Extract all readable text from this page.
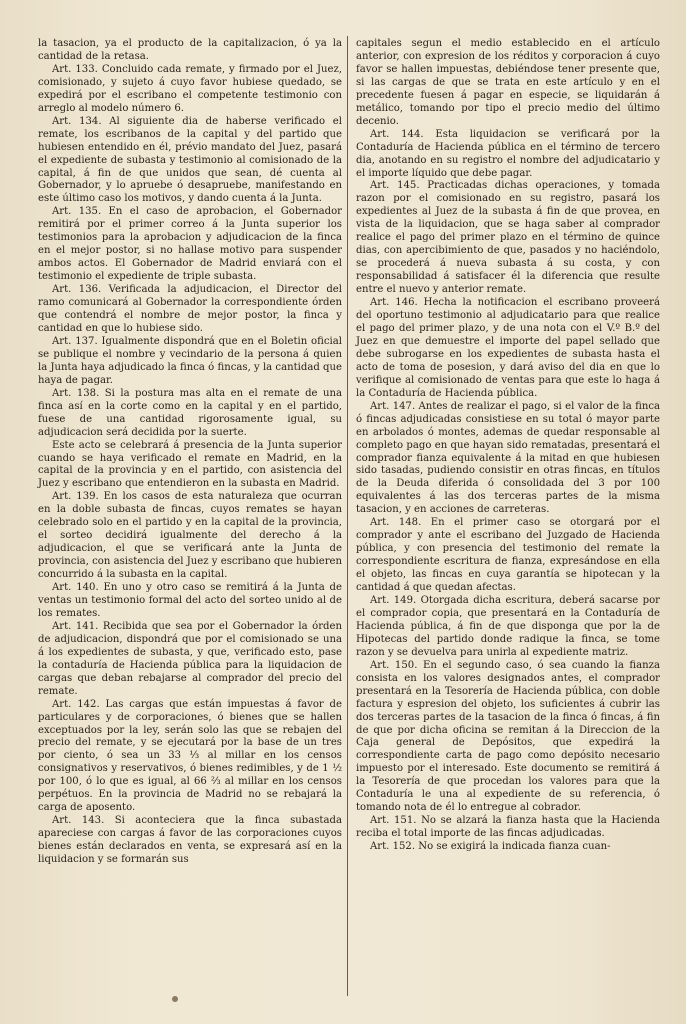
la tasacion, ya el producto de la capitalizacion, ó ya la cantidad de la retasa.

Art. 133. Concluido cada remate, y firmado por el Juez, comisionado, y sujeto á cuyo favor hubiese quedado, se expedirá por el escribano el competente testimonio con arreglo al modelo número 6.

Art. 134. Al siguiente dia de haberse verificado el remate, los escribanos de la capital y del partido que hubiesen entendido en él, prévio mandato del Juez, pasará el expediente de subasta y testimonio al comisionado de la capital, á fin de que unidos que sean, dé cuenta al Gobernador, y lo apruebe ó desapruebe, manifestando en este último caso los motivos, y dando cuenta á la Junta.

Art. 135. En el caso de aprobacion, el Gobernador remitirá por el primer correo á la Junta superior los testimonios para la aprobacion y adjudicacion de la finca en el mejor postor, si no hallase motivo para suspender ambos actos. El Gobernador de Madrid enviará con el testimonio el expediente de triple subasta.

Art. 136. Verificada la adjudicacion, el Director del ramo comunicará al Gobernador la correspondiente órden que contendrá el nombre de mejor postor, la finca y cantidad en que lo hubiese sido.

Art. 137. Igualmente dispondrá que en el Boletin oficial se publique el nombre y vecindario de la persona á quien la Junta haya adjudicado la finca ó fincas, y la cantidad que haya de pagar.

Art. 138. Si la postura mas alta en el remate de una finca así en la corte como en la capital y en el partido, fuese de una cantidad rigorosamente igual, su adjudicacion será decidida por la suerte.

Este acto se celebrará á presencia de la Junta superior cuando se haya verificado el remate en Madrid, en la capital de la provincia y en el partido, con asistencia del Juez y escribano que entendieron en la subasta en Madrid.

Art. 139. En los casos de esta naturaleza que ocurran en la doble subasta de fincas, cuyos remates se hayan celebrado solo en el partido y en la capital de la provincia, el sorteo decidirá igualmente del derecho á la adjudicacion, el que se verificará ante la Junta de provincia, con asistencia del Juez y escribano que hubieren concurrido á la subasta en la capital.

Art. 140. En uno y otro caso se remitirá á la Junta de ventas un testimonio formal del acto del sorteo unido al de los remates.

Art. 141. Recibida que sea por el Gobernador la órden de adjudicacion, dispondrá que por el comisionado se una á los expedientes de subasta, y que, verificado esto, pase la contaduría de Hacienda pública para la liquidacion de cargas que deban rebajarse al comprador del precio del remate.

Art. 142. Las cargas que están impuestas á favor de particulares y de corporaciones, ó bienes que se hallen exceptuados por la ley, serán solo las que se rebajen del precio del remate, y se ejecutará por la base de un tres por ciento, ó sea un 33 ⅓ al millar en los censos consignativos y reservativos, ó bienes redimibles, y de 1 ½ por 100, ó lo que es igual, al 66 ⅔ al millar en los censos perpétuos. En la provincia de Madrid no se rebajará la carga de aposento.

Art. 143. Si aconteciera que la finca subastada apareciese con cargas á favor de las corporaciones cuyos bienes están declarados en venta, se expresará así en la liquidacion y se formarán sus

capitales segun el medio establecido en el artículo anterior, con expresion de los réditos y corporacion á cuyo favor se hallen impuestas, debiéndose tener presente que, si las cargas de que se trata en este artículo y en el precedente fuesen á pagar en especie, se liquidarán á metálico, tomando por tipo el precio medio del último decenio.

Art. 144. Esta liquidacion se verificará por la Contaduría de Hacienda pública en el término de tercero dia, anotando en su registro el nombre del adjudicatario y el importe líquido que debe pagar.

Art. 145. Practicadas dichas operaciones, y tomada razon por el comisionado en su registro, pasará los expedientes al Juez de la subasta á fin de que provea, en vista de la liquidacion, que se haga saber al comprador realice el pago del primer plazo en el término de quince dias, con apercibimiento de que, pasados y no haciéndolo, se procederá á nueva subasta á su costa, y con responsabilidad á satisfacer él la diferencia que resulte entre el nuevo y anterior remate.

Art. 146. Hecha la notificacion el escribano proveerá del oportuno testimonio al adjudicatario para que realice el pago del primer plazo, y de una nota con el V.º B.º del Juez en que demuestre el importe del papel sellado que debe subrogarse en los expedientes de subasta hasta el acto de toma de posesion, y dará aviso del dia en que lo verifique al comisionado de ventas para que este lo haga á la Contaduría de Hacienda pública.

Art. 147. Antes de realizar el pago, si el valor de la finca ó fincas adjudicadas consistiese en su total ó mayor parte en arbolados ó montes, ademas de quedar responsable al completo pago en que hayan sido rematadas, presentará el comprador fianza equivalente á la mitad en que hubiesen sido tasadas, pudiendo consistir en otras fincas, en títulos de la Deuda diferida ó consolidada del 3 por 100 equivalentes á las dos terceras partes de la misma tasacion, y en acciones de carreteras.

Art. 148. En el primer caso se otorgará por el comprador y ante el escribano del Juzgado de Hacienda pública, y con presencia del testimonio del remate la correspondiente escritura de fianza, expresándose en ella el objeto, las fincas en cuya garantía se hipotecan y la cantidad á que quedan afectas.

Art. 149. Otorgada dicha escritura, deberá sacarse por el comprador copia, que presentará en la Contaduría de Hacienda pública, á fin de que disponga que por la de Hipotecas del partido donde radique la finca, se tome razon y se devuelva para unirla al expediente matriz.

Art. 150. En el segundo caso, ó sea cuando la fianza consista en los valores designados antes, el comprador presentará en la Tesorería de Hacienda pública, con doble factura y espresion del objeto, los suficientes á cubrir las dos terceras partes de la tasacion de la finca ó fincas, á fin de que por dicha oficina se remitan á la Direccion de la Caja general de Depósitos, que expedirá la correspondiente carta de pago como depósito necesario impuesto por el interesado. Este documento se remitirá á la Tesorería de que procedan los valores para que la Contaduría le una al expediente de su referencia, ó tomando nota de él lo entregue al cobrador.

Art. 151. No se alzará la fianza hasta que la Hacienda reciba el total importe de las fincas adjudicadas.

Art. 152. No se exigirá la indicada fianza cuan-
